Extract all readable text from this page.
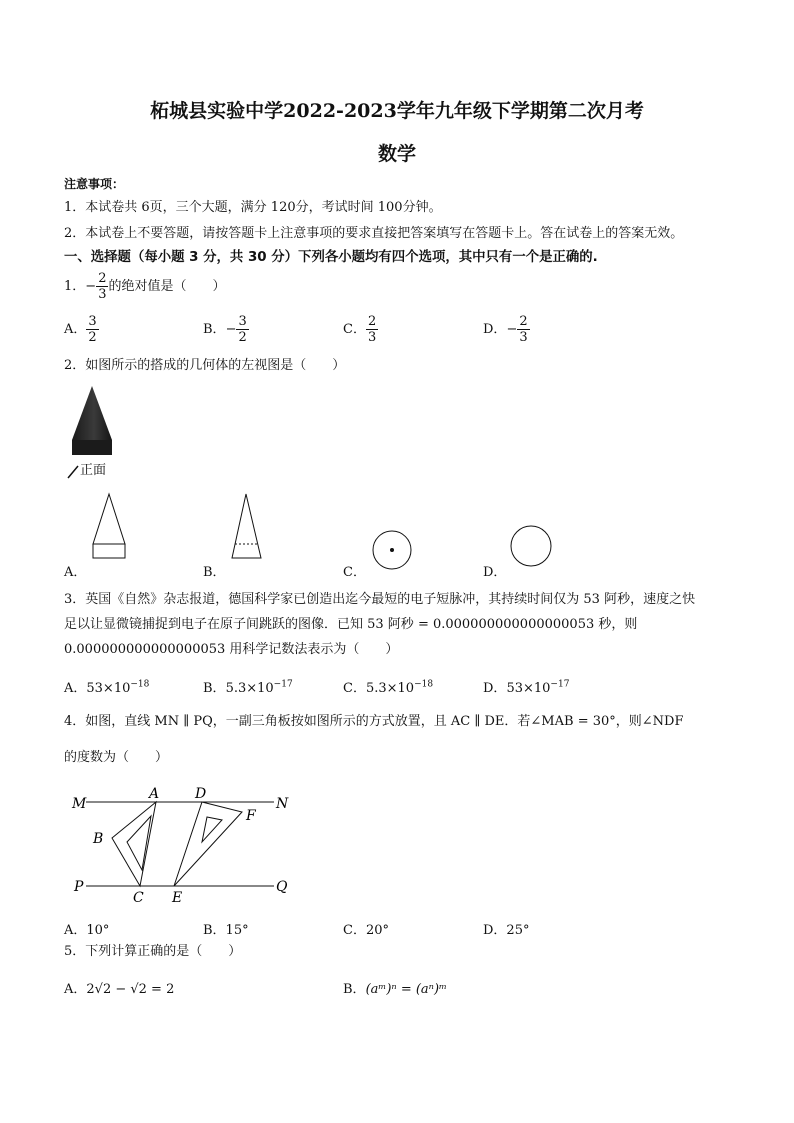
柘城县实验中学2022-2023学年九年级下学期第二次月考
数学
注意事项：
1．本试卷共 6页，三个大题，满分 120分，考试时间 100分钟。
2．本试卷上不要答题，请按答题卡上注意事项的要求直接把答案填写在答题卡上。答在试卷上的答案无效。
一、选择题（每小题 3 分，共 30 分）下列各小题均有四个选项，其中只有一个是正确的.
1．− $\frac{2}{3}$ 的绝对值是（　　）
A． $\frac{3}{2}$	B．− $\frac{3}{2}$	C． $\frac{2}{3}$	D．− $\frac{2}{3}$
2．如图所示的搭成的几何体的左视图是（　　）
正面
A．	B．	C．	D．
3．英国《自然》杂志报道，德国科学家已创造出迄今最短的电子短脉冲，其持续时间仅为 53 阿秒，速度之快
足以让显微镜捕捉到电子在原子间跳跃的图像．已知 53 阿秒 = 0.000000000000000053 秒，则
0.000000000000000053 用科学记数法表示为（　　）
A．$53\times 10^{-18}$	B．$5.3\times 10^{-17}$	C．$5.3\times 10^{-18}$	D．$53\times 10^{-17}$
4．如图，直线 MN ∥ PQ，一副三角板按如图所示的方式放置，且 AC ∥ DE．若∠MAB = 30°，则∠NDF
的度数为（　　）
M
A	D
N
B
F
P
C E
Q
A．10°	B．15°	C．20°	D．25°
5．下列计算正确的是（　　）
A．2√2 − √2 = 2	B．(aᵐ)ⁿ = (aⁿ)ᵐ
